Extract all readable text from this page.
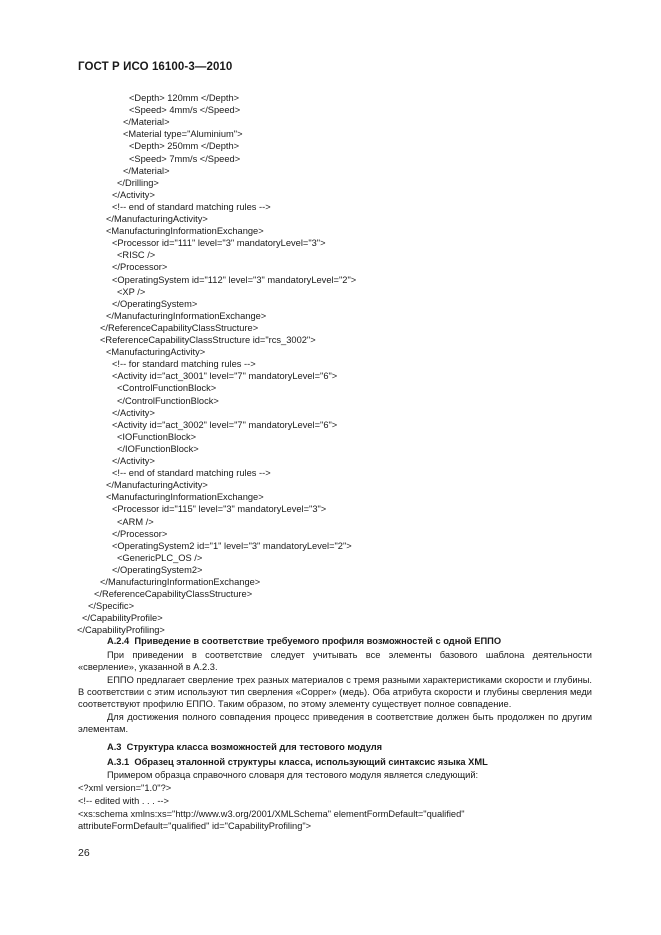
ГОСТ Р ИСО 16100-3—2010
<Depth> 120mm </Depth>
<Speed> 4mm/s </Speed>
</Material>
<Material type="Aluminium">
<Depth> 250mm </Depth>
<Speed> 7mm/s </Speed>
</Material>
</Drilling>
</Activity>
<!-- end of standard matching rules -->
</ManufacturingActivity>
<ManufacturingInformationExchange>
<Processor id="111" level="3" mandatoryLevel="3">
<RISC />
</Processor>
<OperatingSystem id="112" level="3" mandatoryLevel="2">
<XP />
</OperatingSystem>
</ManufacturingInformationExchange>
</ReferenceCapabilityClassStructure>
<ReferenceCapabilityClassStructure id="rcs_3002">
<ManufacturingActivity>
<!-- for standard matching rules -->
<Activity id="act_3001" level="7" mandatoryLevel="6">
<ControlFunctionBlock>
</ControlFunctionBlock>
</Activity>
<Activity id="act_3002" level="7" mandatoryLevel="6">
<IOFunctionBlock>
</IOFunctionBlock>
</Activity>
<!-- end of standard matching rules -->
</ManufacturingActivity>
<ManufacturingInformationExchange>
<Processor id="115" level="3" mandatoryLevel="3">
<ARM />
</Processor>
<OperatingSystem2 id="1" level="3" mandatoryLevel="2">
<GenericPLC_OS />
</OperatingSystem2>
</ManufacturingInformationExchange>
</ReferenceCapabilityClassStructure>
</Specific>
</CapabilityProfile>
</CapabilityProfiling>
А.2.4  Приведение в соответствие требуемого профиля возможностей с одной ЕППО
При приведении в соответствие следует учитывать все элементы базового шаблона деятельности «сверление», указанной в А.2.3.
ЕППО предлагает сверление трех разных материалов с тремя разными характеристиками скорости и глубины. В соответствии с этим используют тип сверления «Copper» (медь). Оба атрибута скорости и глубины сверления меди соответствуют профилю ЕППО. Таким образом, по этому элементу существует полное совпадение.
Для достижения полного совпадения процесс приведения в соответствие должен быть продолжен по другим элементам.
А.3  Структура класса возможностей для тестового модуля
А.3.1  Образец эталонной структуры класса, использующий синтаксис языка XML
Примером образца справочного словаря для тестового модуля является следующий:
<?xml version="1.0"?>
<!-- edited with . . . -->
<xs:schema xmlns:xs="http://www.w3.org/2001/XMLSchema" elementFormDefault="qualified"
attributeFormDefault="qualified" id="CapabilityProfiling">
26
